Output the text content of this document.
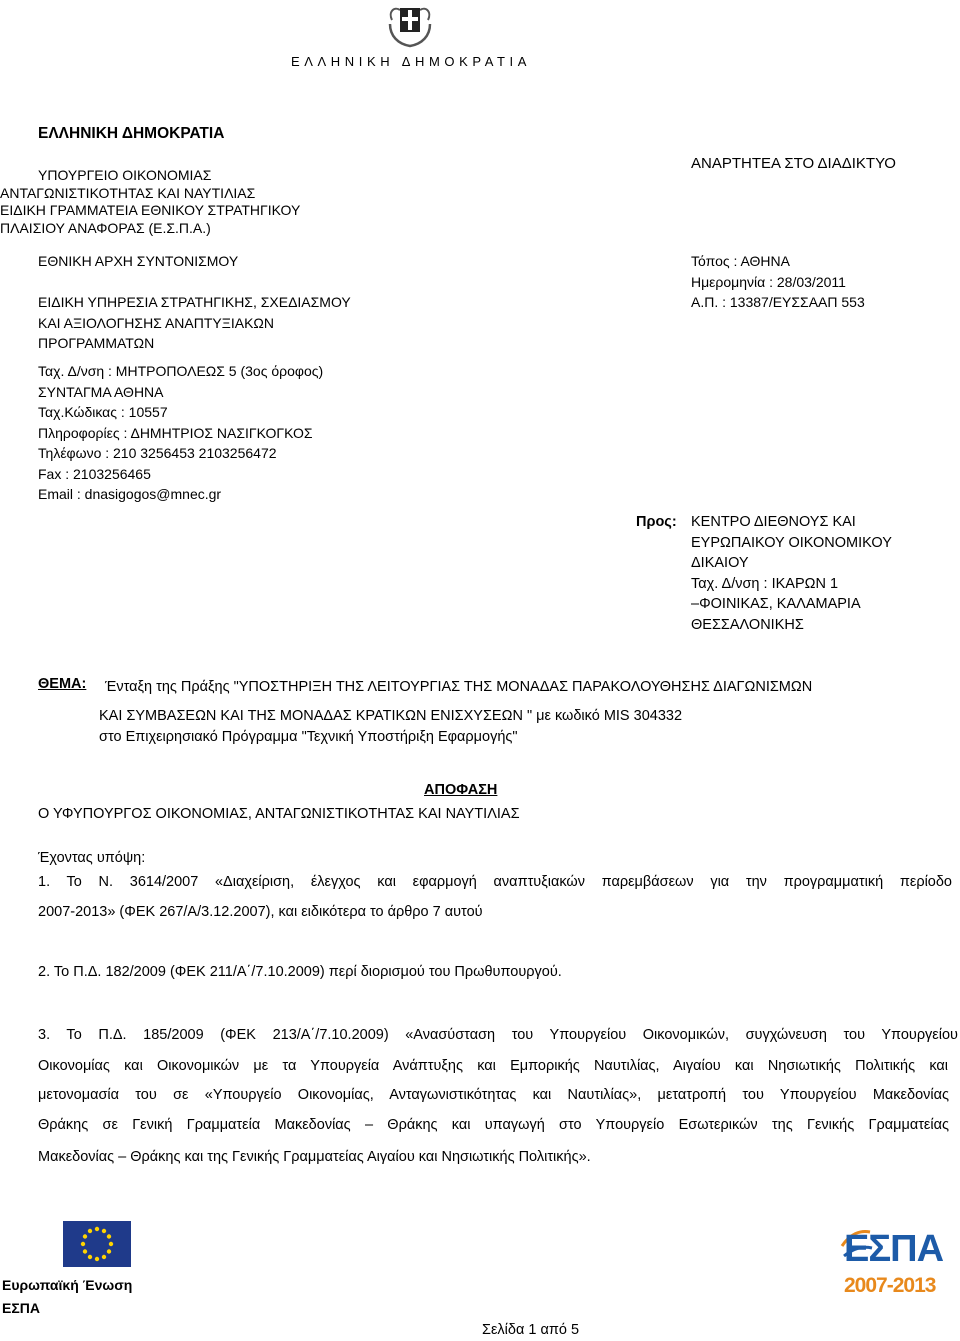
ΕΛΛΗΝΙΚΗ ΔΗΜΟΚΡΑΤΙΑ
ΕΛΛΗΝΙΚΗ ΔΗΜΟΚΡΑΤΙΑ
ΥΠΟΥΡΓΕΙΟ ΟΙΚΟΝΟΜΙΑΣ
ΑΝΤΑΓΩΝΙΣΤΙΚΟΤΗΤΑΣ ΚΑΙ ΝΑΥΤΙΛΙΑΣ
ΕΙΔΙΚΗ ΓΡΑΜΜΑΤΕΙΑ ΕΘΝΙΚΟΥ ΣΤΡΑΤΗΓΙΚΟΥ
ΠΛΑΙΣΙΟΥ ΑΝΑΦΟΡΑΣ (Ε.Σ.Π.Α.)
ΕΘΝΙΚΗ ΑΡΧΗ ΣΥΝΤΟΝΙΣΜΟΥ
ΕΙΔΙΚΗ ΥΠΗΡΕΣΙΑ ΣΤΡΑΤΗΓΙΚΗΣ, ΣΧΕΔΙΑΣΜΟΥ
ΚΑΙ ΑΞΙΟΛΟΓΗΣΗΣ ΑΝΑΠΤΥΞΙΑΚΩΝ
ΠΡΟΓΡΑΜΜΑΤΩΝ
Ταχ. Δ/νση : ΜΗΤΡΟΠΟΛΕΩΣ 5 (3ος όροφος)
ΣΥΝΤΑΓΜΑ ΑΘΗΝΑ
Ταχ.Κώδικας : 10557
Πληροφορίες : ΔΗΜΗΤΡΙΟΣ ΝΑΣΙΓΚΟΓΚΟΣ
Τηλέφωνο : 210 3256453 2103256472
Fax : 2103256465
Email : dnasigogos@mnec.gr
ΑΝΑΡΤΗΤΕΑ ΣΤΟ ΔΙΑΔΙΚΤΥΟ
Τόπος : ΑΘΗΝΑ
Ημερομηνία : 28/03/2011
Α.Π. : 13387/ΕΥΣΣΑΑΠ 553
Προς: ΚΕΝΤΡΟ ΔΙΕΘΝΟΥΣ ΚΑΙ
ΕΥΡΩΠΑΙΚΟΥ ΟΙΚΟΝΟΜΙΚΟΥ
ΔΙΚΑΙΟΥ
Ταχ. Δ/νση : ΙΚΑΡΩΝ 1
–ΦΟΙΝΙΚΑΣ, ΚΑΛΑΜΑΡΙΑ
ΘΕΣΣΑΛΟΝΙΚΗΣ
ΘΕΜΑ: Ένταξη της Πράξης "ΥΠΟΣΤΗΡΙΞΗ ΤΗΣ ΛΕΙΤΟΥΡΓΙΑΣ ΤΗΣ ΜΟΝΑΔΑΣ ΠΑΡΑΚΟΛΟΥΘΗΣΗΣ ΔΙΑΓΩΝΙΣΜΩΝ
ΚΑΙ ΣΥΜΒΑΣΕΩΝ ΚΑΙ ΤΗΣ ΜΟΝΑΔΑΣ ΚΡΑΤΙΚΩΝ ΕΝΙΣΧΥΣΕΩΝ " με κωδικό MIS 304332
στο Επιχειρησιακό Πρόγραμμα "Τεχνική Υποστήριξη Εφαρμογής"
ΑΠΟΦΑΣΗ
Ο ΥΦΥΠΟΥΡΓΟΣ ΟΙΚΟΝΟΜΙΑΣ, ΑΝΤΑΓΩΝΙΣΤΙΚΟΤΗΤΑΣ ΚΑΙ ΝΑΥΤΙΛΙΑΣ
Έχοντας υπόψη:
1. Το Ν. 3614/2007 «Διαχείριση, έλεγχος και εφαρμογή αναπτυξιακών παρεμβάσεων για την προγραμματική περίοδο
2007-2013» (ΦΕΚ 267/Α/3.12.2007), και ειδικότερα το άρθρο 7 αυτού
2. Το Π.Δ. 182/2009 (ΦΕΚ 211/Α΄/7.10.2009) περί διορισμού του Πρωθυπουργού.
3. Το Π.Δ. 185/2009 (ΦΕΚ 213/Α΄/7.10.2009) «Ανασύσταση του Υπουργείου Οικονομικών, συγχώνευση του Υπουργείου
Οικονομίας και Οικονομικών με τα Υπουργεία Ανάπτυξης και Εμπορικής Ναυτιλίας, Αιγαίου και Νησιωτικής Πολιτικής και
μετονομασία του σε «Υπουργείο Οικονομίας, Ανταγωνιστικότητας και Ναυτιλίας», μετατροπή του Υπουργείου Μακεδονίας
Θράκης σε Γενική Γραμματεία Μακεδονίας – Θράκης και υπαγωγή στο Υπουργείο Εσωτερικών της Γενικής Γραμματείας
Μακεδονίας – Θράκης και της Γενικής Γραμματείας Αιγαίου και Νησιωτικής Πολιτικής».
Ευρωπαϊκή Ένωση
ΕΣΠΑ
ΕΣΠΑ
2007-2013
Σελίδα 1 από 5
